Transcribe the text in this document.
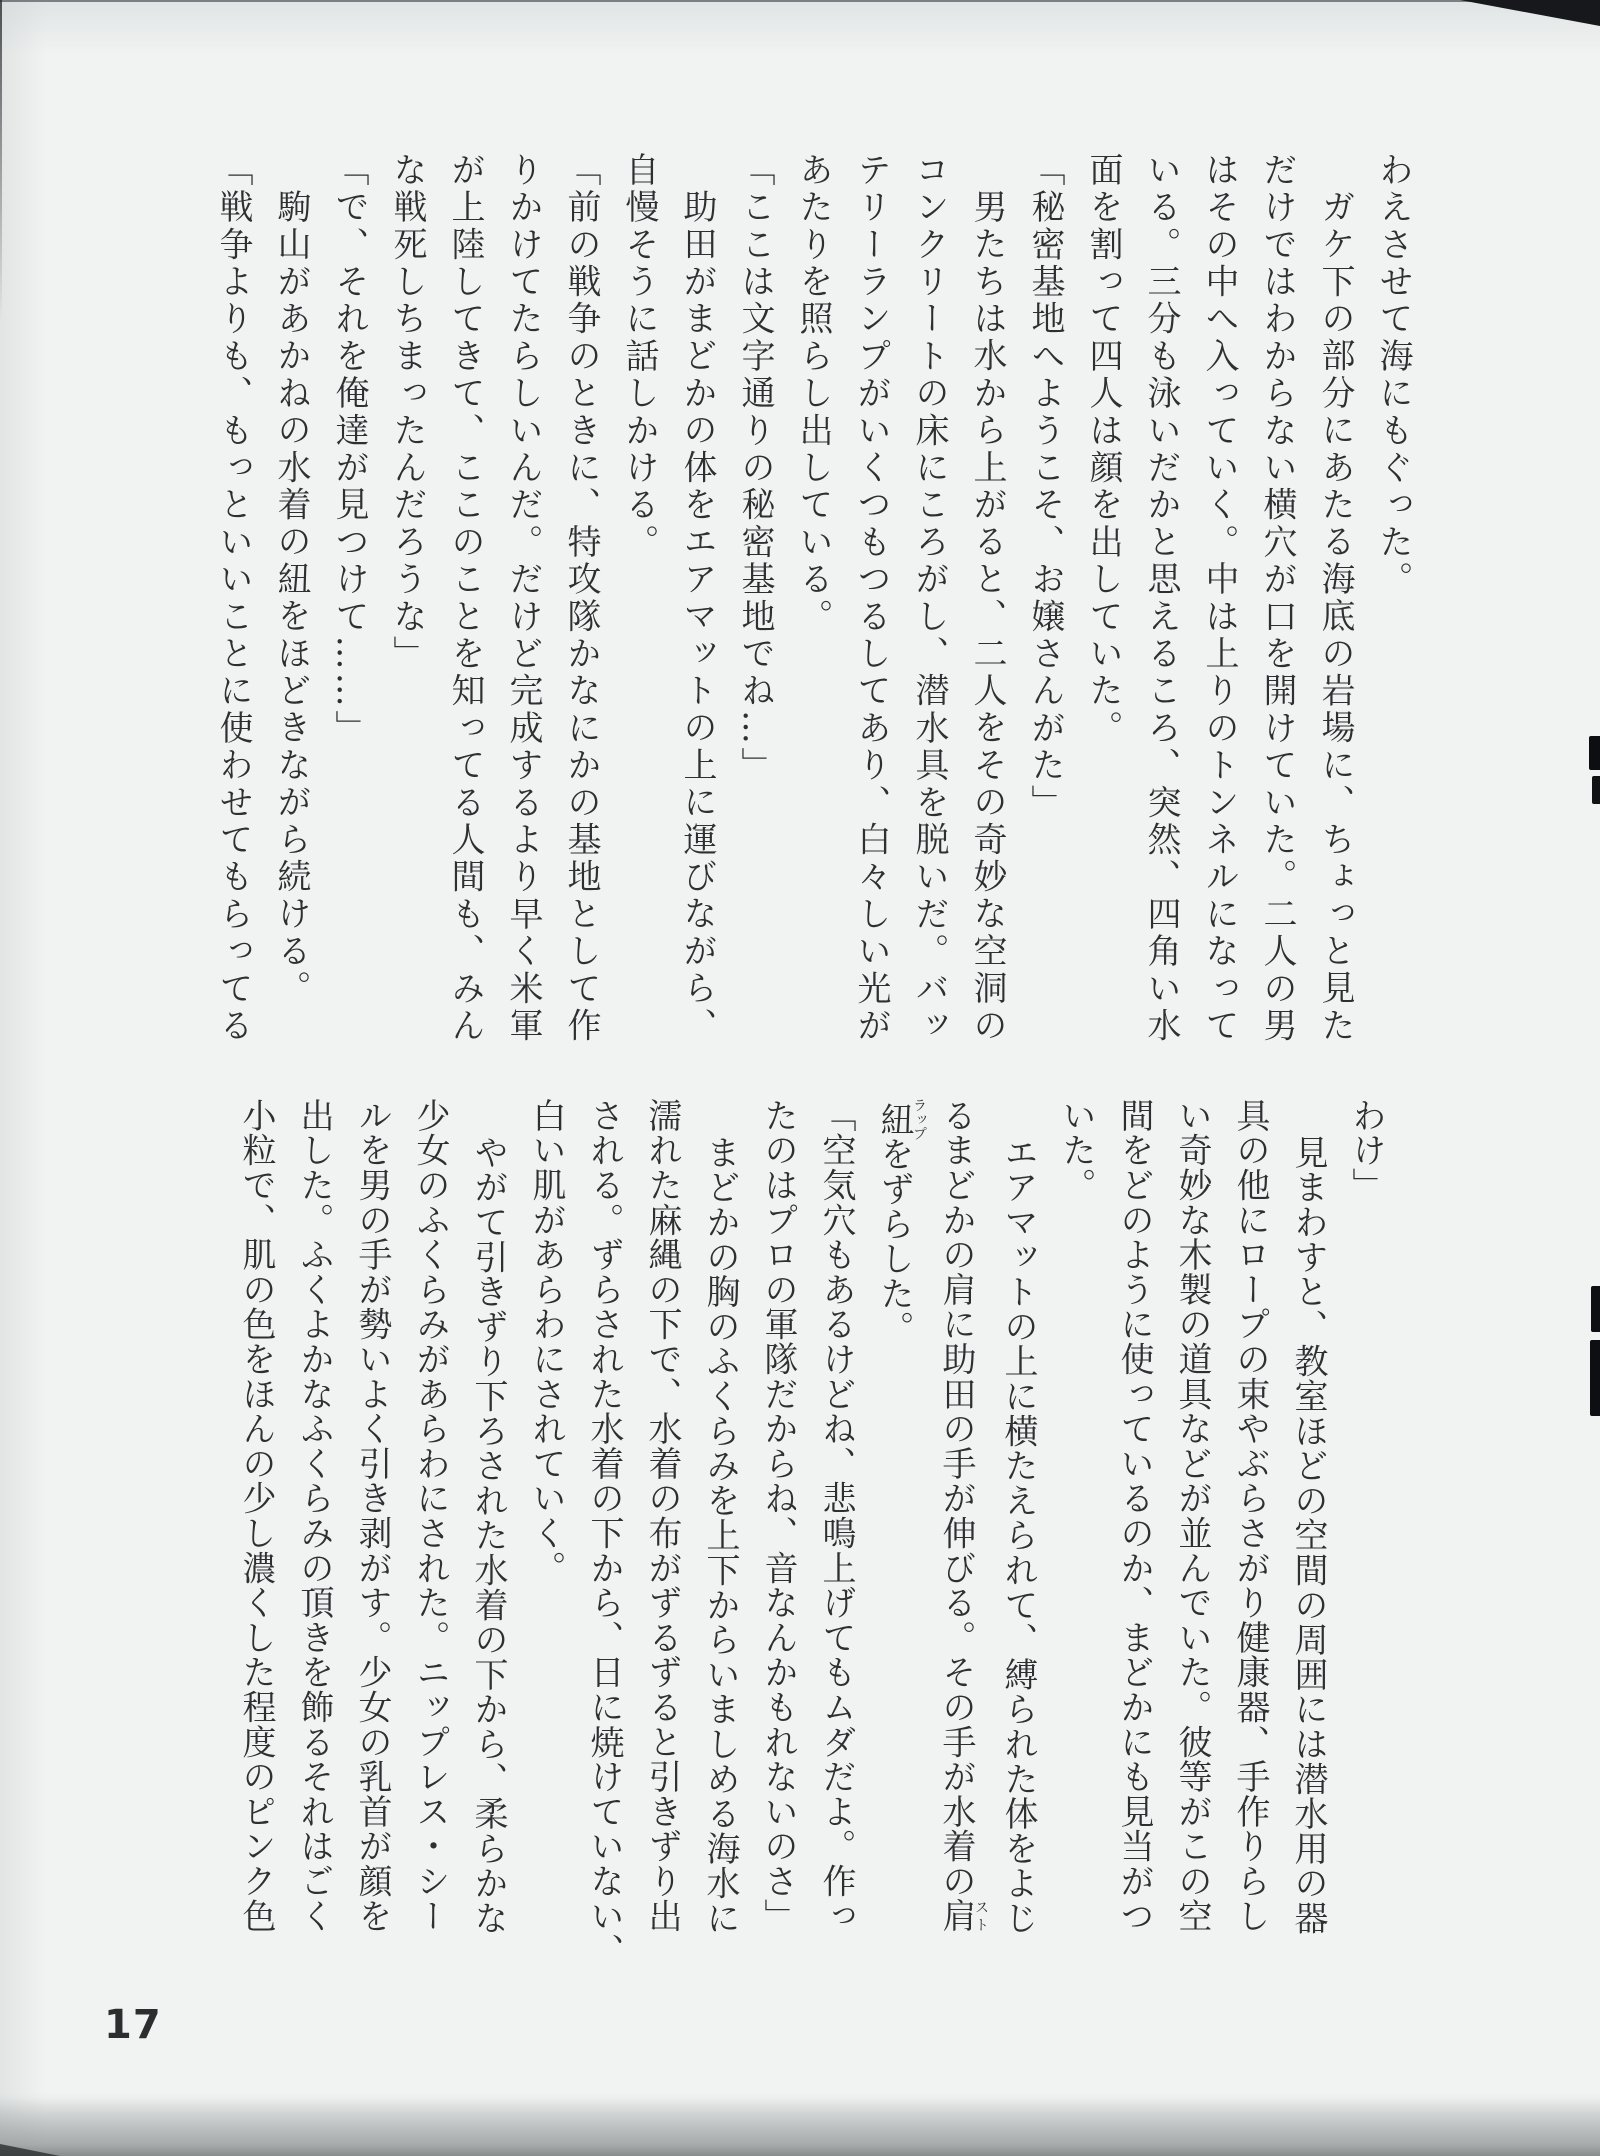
わえさせて海にもぐった。
ガケ下の部分にあたる海底の岩場に、ちょっと見た
だけではわからない横穴が口を開けていた。二人の男
はその中へ入っていく。中は上りのトンネルになって
いる。三分も泳いだかと思えるころ、突然、四角い水
面を割って四人は顔を出していた。
「秘密基地へようこそ、お嬢さんがた」
男たちは水から上がると、二人をその奇妙な空洞の
コンクリートの床にころがし、潜水具を脱いだ。バッ
テリーランプがいくつもつるしてあり、白々しい光が
あたりを照らし出している。
「ここは文字通りの秘密基地でね…」
助田がまどかの体をエアマットの上に運びながら、
自慢そうに話しかける。
「前の戦争のときに、特攻隊かなにかの基地として作
りかけてたらしいんだ。だけど完成するより早く米軍
が上陸してきて、ここのことを知ってる人間も、みん
な戦死しちまったんだろうな」
「で、それを俺達が見つけて……」
駒山があかねの水着の紐をほどきながら続ける。
「戦争よりも、もっといいことに使わせてもらってる
わけ」
見まわすと、教室ほどの空間の周囲には潜水用の器
具の他にロープの束やぶらさがり健康器、手作りらし
い奇妙な木製の道具などが並んでいた。彼等がこの空
間をどのように使っているのか、まどかにも見当がつ
いた。
エアマットの上に横たえられて、縛られた体をよじ
るまどかの肩に助田の手が伸びる。その手が水着の肩スト
紐ラップをずらした。
「空気穴もあるけどね、悲鳴上げてもムダだよ。作っ
たのはプロの軍隊だからね、音なんかもれないのさ」
まどかの胸のふくらみを上下からいましめる海水に
濡れた麻縄の下で、水着の布がずるずると引きずり出
される。ずらされた水着の下から、日に焼けていない、
白い肌があらわにされていく。
やがて引きずり下ろされた水着の下から、柔らかな
少女のふくらみがあらわにされた。ニップレス・シー
ルを男の手が勢いよく引き剥がす。少女の乳首が顔を
出した。ふくよかなふくらみの頂きを飾るそれはごく
小粒で、肌の色をほんの少し濃くした程度のピンク色
17
